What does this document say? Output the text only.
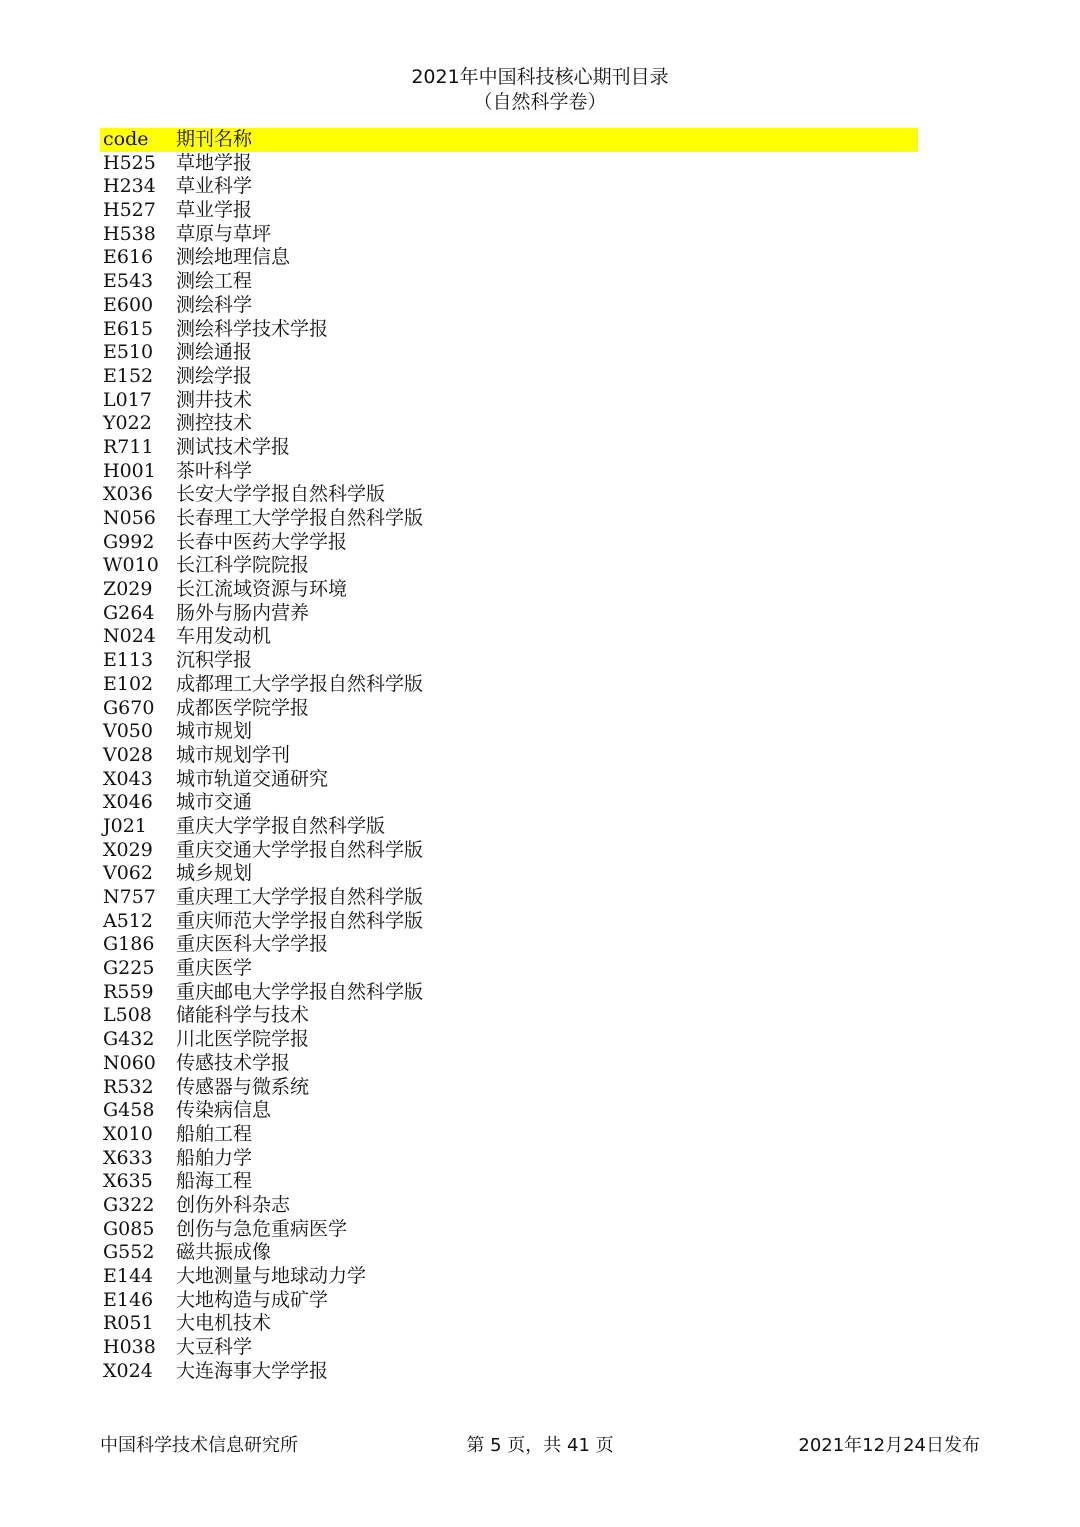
2021年中国科技核心期刊目录
（自然科学卷）
code	期刊名称
H525	草地学报
H234	草业科学
H527	草业学报
H538	草原与草坪
E616	测绘地理信息
E543	测绘工程
E600	测绘科学
E615	测绘科学技术学报
E510	测绘通报
E152	测绘学报
L017	测井技术
Y022	测控技术
R711	测试技术学报
H001	茶叶科学
X036	长安大学学报自然科学版
N056	长春理工大学学报自然科学版
G992	长春中医药大学学报
W010 长江科学院院报
Z029	长江流域资源与环境
G264	肠外与肠内营养
N024	车用发动机
E113	沉积学报
E102	成都理工大学学报自然科学版
G670	成都医学院学报
V050	城市规划
V028	城市规划学刊
X043	城市轨道交通研究
X046	城市交通
J021	重庆大学学报自然科学版
X029	重庆交通大学学报自然科学版
V062	城乡规划
N757	重庆理工大学学报自然科学版
A512	重庆师范大学学报自然科学版
G186	重庆医科大学学报
G225	重庆医学
R559	重庆邮电大学学报自然科学版
L508	储能科学与技术
G432	川北医学院学报
N060	传感技术学报
R532	传感器与微系统
G458	传染病信息
X010	船舶工程
X633	船舶力学
X635	船海工程
G322	创伤外科杂志
G085	创伤与急危重病医学
G552	磁共振成像
E144	大地测量与地球动力学
E146	大地构造与成矿学
R051	大电机技术
H038	大豆科学
X024	大连海事大学学报
中国科学技术信息研究所	第 5 页，共 41 页	2021年12月24日发布
